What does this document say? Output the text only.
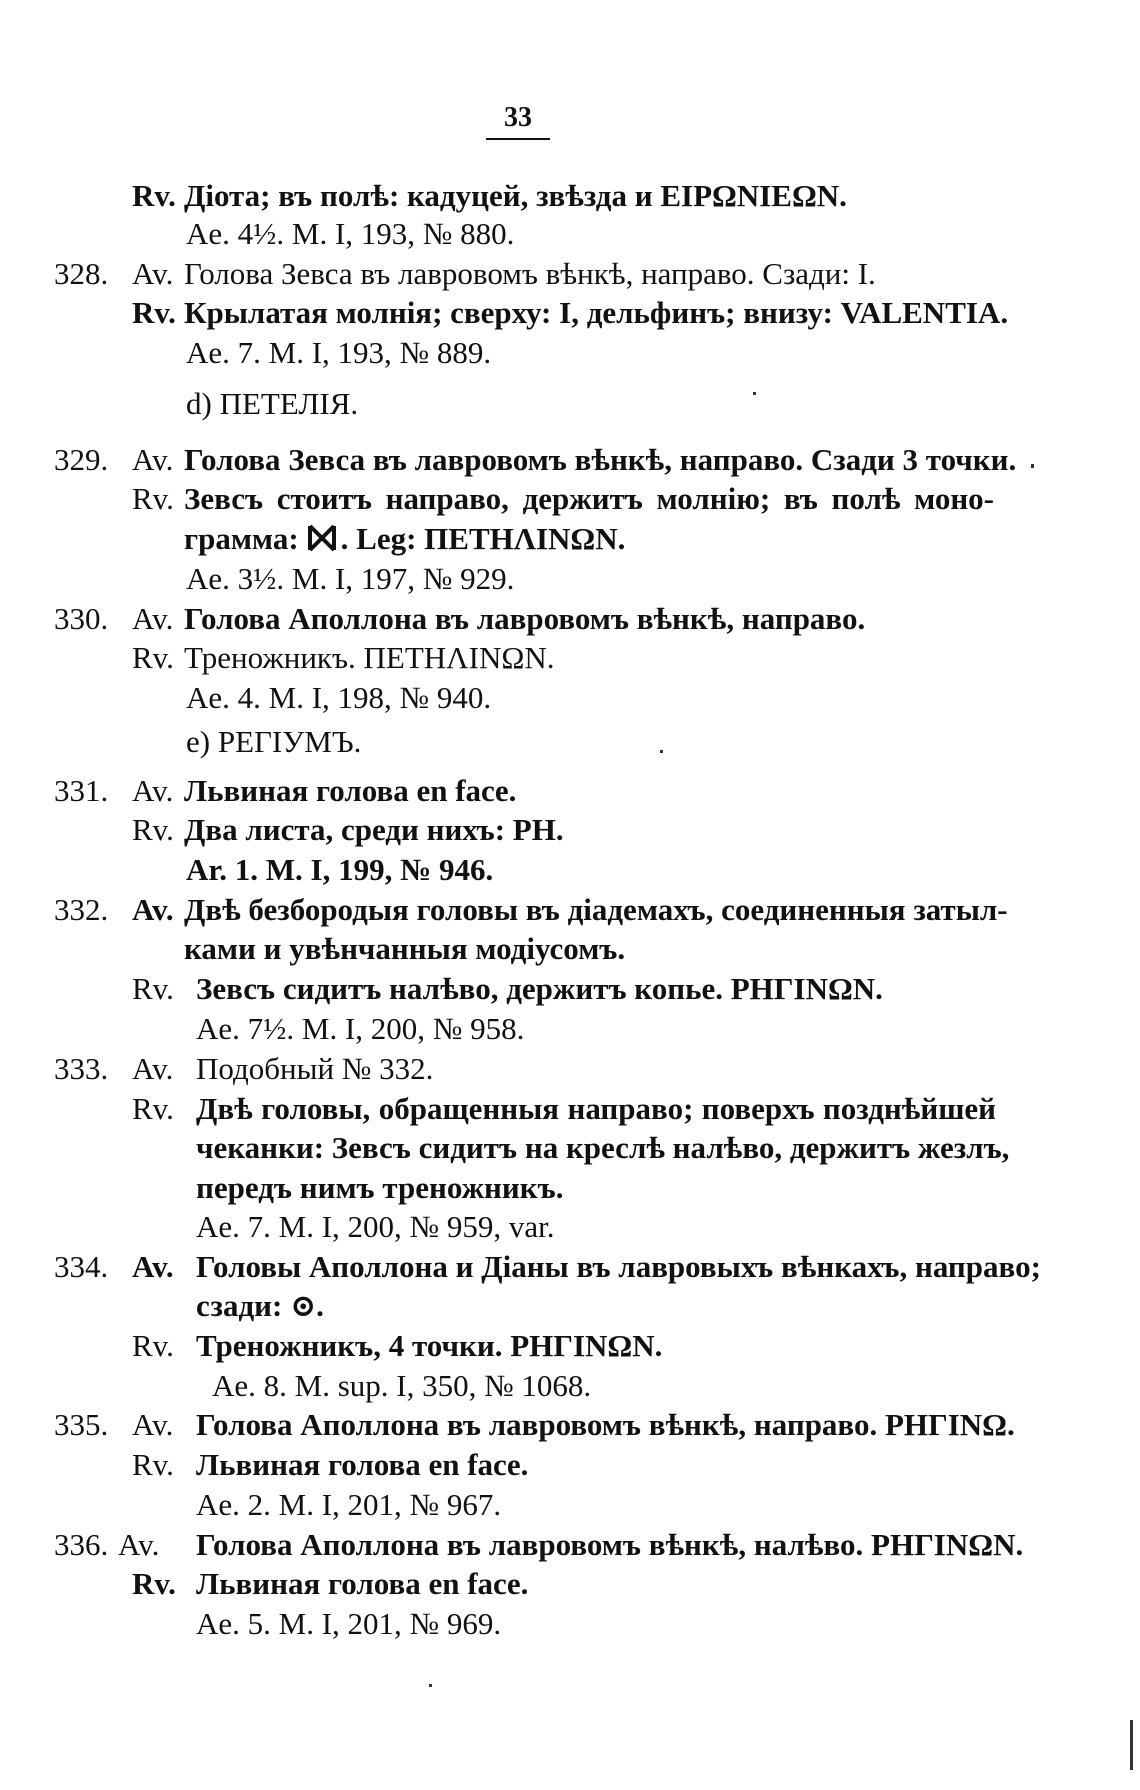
33
Rv. Діота; въ полѣ: кадуцей, звѣзда и ΕΙΡΩΝΙΕΩΝ.
Ae. 4½. M. I, 193, № 880.
328. Av. Голова Зевса въ лавровомъ вѣнкѣ, направо. Сзади: I.
Rv. Крылатая молнія; сверху: I, дельфинъ; внизу: VALENTIA.
Ae. 7. M. I, 193, № 889.
d) ПЕТЕЛІЯ.
329. Av. Голова Зевса въ лавровомъ вѣнкѣ, направо. Сзади 3 точки.
Rv. Зевсъ стоитъ направо, держитъ молнію; въ полѣ моно-
грамма: . Leg: ΠΕΤΗΛΙΝΩΝ.
Ae. 3½. M. I, 197, № 929.
330. Av. Голова Аполлона въ лавровомъ вѣнкѣ, направо.
Rv. Треножникъ. ΠΕΤΗΛΙΝΩΝ.
Ae. 4. M. I, 198, № 940.
e) РЕГІУМЪ.
331. Av. Львиная голова en face.
Rv. Два листа, среди нихъ: PH.
Ar. 1. M. I, 199, № 946.
332. Av. Двѣ безбородыя головы въ діадемахъ, соединенныя затыл-
ками и увѣнчанныя модіусомъ.
Rv. Зевсъ сидитъ налѣво, держитъ копье. ΡΗΓΙΝΩΝ.
Ae. 7½. M. I, 200, № 958.
333. Av. Подобный № 332.
Rv. Двѣ головы, обращенныя направо; поверхъ позднѣйшей
чеканки: Зевсъ сидитъ на креслѣ налѣво, держитъ жезлъ,
передъ нимъ треножникъ.
Ae. 7. M. I, 200, № 959, var.
334. Av. Головы Аполлона и Діаны въ лавровыхъ вѣнкахъ, направо;
сзади: ⊙.
Rv. Треножникъ, 4 точки. ΡΗΓΙΝΩΝ.
Ae. 8. M. sup. I, 350, № 1068.
335. Av. Голова Аполлона въ лавровомъ вѣнкѣ, направо. ΡΗΓΙΝΩ.
Rv. Львиная голова en face.
Ae. 2. M. I, 201, № 967.
336. Av. Голова Аполлона въ лавровомъ вѣнкѣ, налѣво. ΡΗΓΙΝΩΝ.
Rv. Львиная голова en face.
Ae. 5. M. I, 201, № 969.
